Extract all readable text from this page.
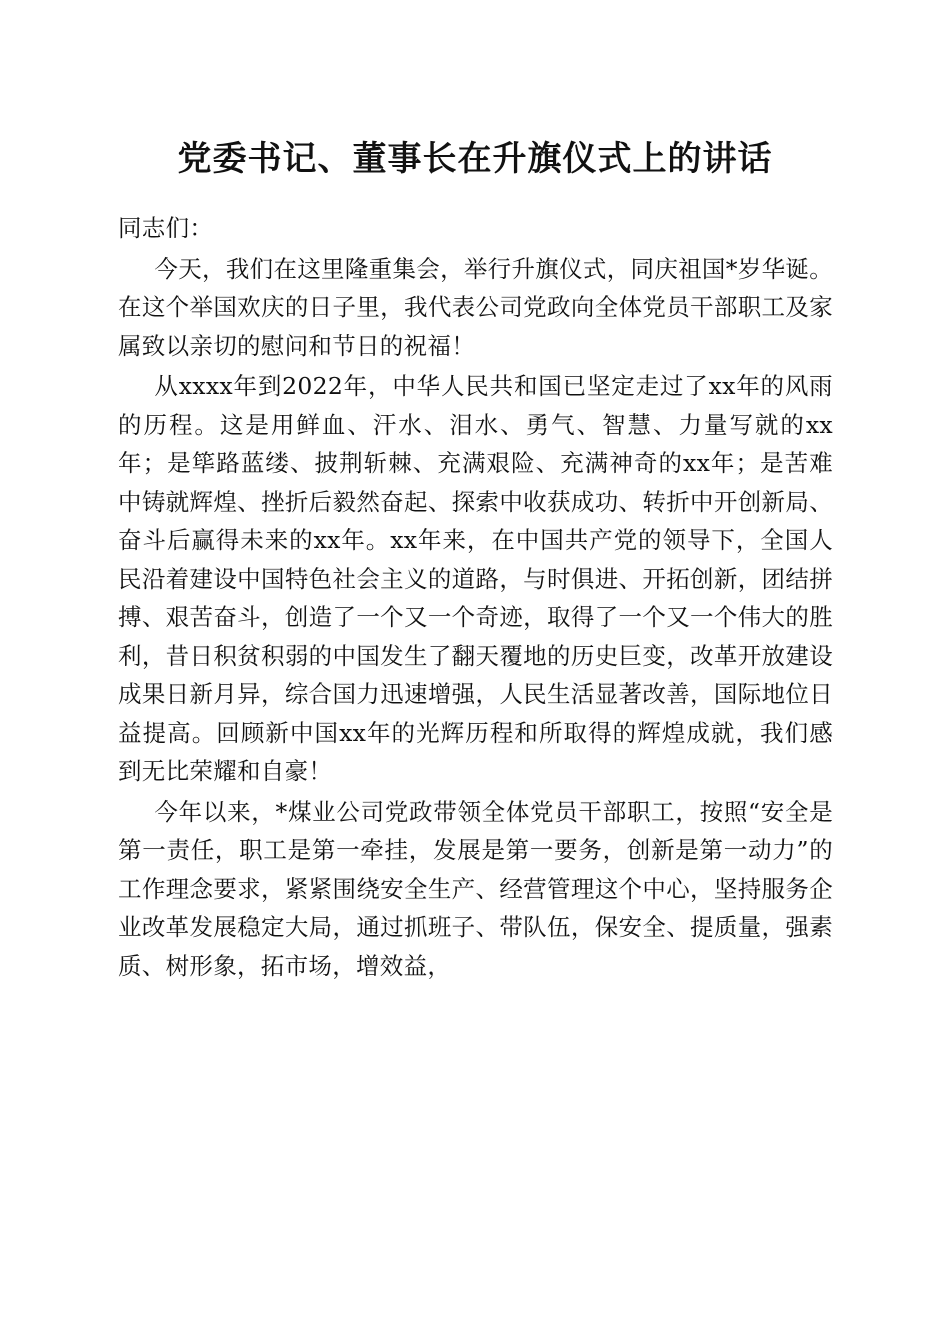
党委书记、董事长在升旗仪式上的讲话

同志们：

今天，我们在这里隆重集会，举行升旗仪式，同庆祖国*岁华诞。在这个举国欢庆的日子里，我代表公司党政向全体党员干部职工及家属致以亲切的慰问和节日的祝福！

从xxxx年到2022年，中华人民共和国已坚定走过了xx年的风雨的历程。这是用鲜血、汗水、泪水、勇气、智慧、力量写就的xx年；是筚路蓝缕、披荆斩棘、充满艰险、充满神奇的xx年；是苦难中铸就辉煌、挫折后毅然奋起、探索中收获成功、转折中开创新局、奋斗后赢得未来的xx年。xx年来，在中国共产党的领导下，全国人民沿着建设中国特色社会主义的道路，与时俱进、开拓创新，团结拼搏、艰苦奋斗，创造了一个又一个奇迹，取得了一个又一个伟大的胜利，昔日积贫积弱的中国发生了翻天覆地的历史巨变，改革开放建设成果日新月异，综合国力迅速增强，人民生活显著改善，国际地位日益提高。回顾新中国xx年的光辉历程和所取得的辉煌成就，我们感到无比荣耀和自豪！

今年以来，*煤业公司党政带领全体党员干部职工，按照“安全是第一责任，职工是第一牵挂，发展是第一要务，创新是第一动力”的工作理念要求，紧紧围绕安全生产、经营管理这个中心，坚持服务企业改革发展稳定大局，通过抓班子、带队伍，保安全、提质量，强素质、树形象，拓市场，增效益，
